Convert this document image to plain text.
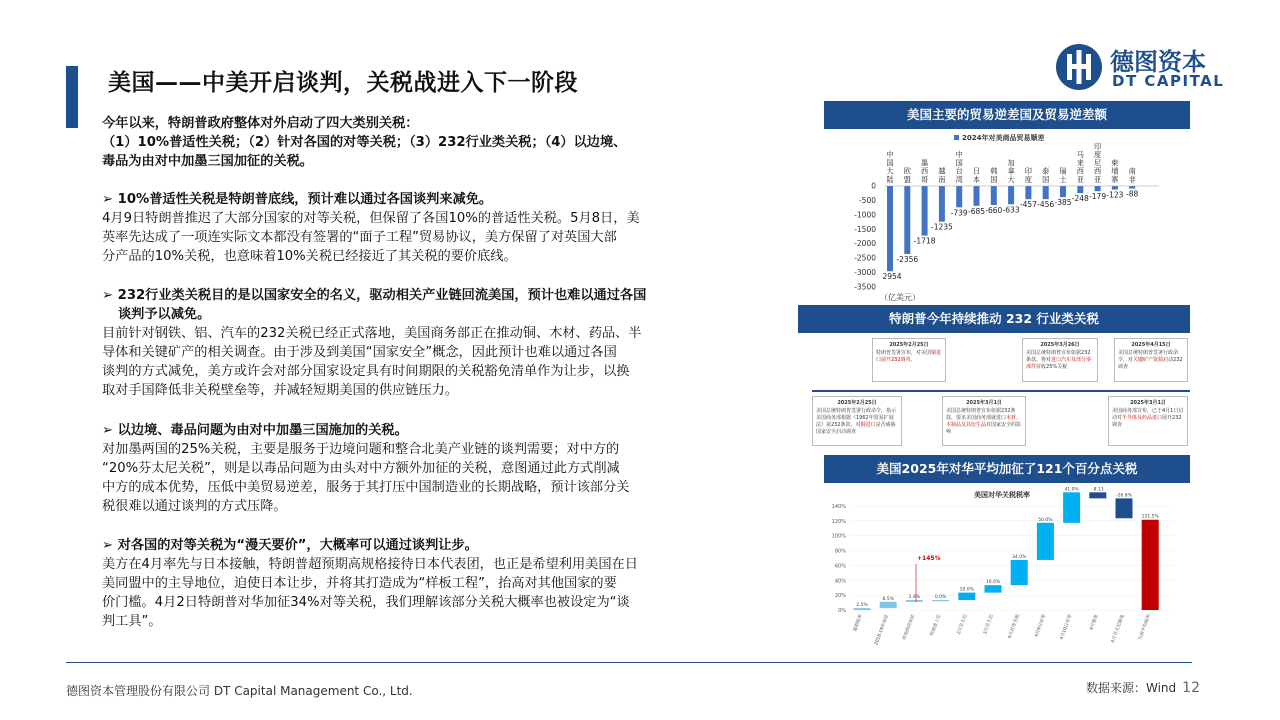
美国——中美开启谈判，关税战进入下一阶段
德图资本
DT CAPITAL

今年以来，特朗普政府整体对外启动了四大类别关税：

（1）10%普适性关税；（2）针对各国的对等关税；（3）232行业类关税；（4）以边境、

毒品为由对中加墨三国加征的关税。

➢ 10%普适性关税是特朗普底线，预计难以通过各国谈判来减免。

4月9日特朗普推迟了大部分国家的对等关税，但保留了各国10%的普适性关税。5月8日，美

英率先达成了一项连实际文本都没有签署的“面子工程”贸易协议，美方保留了对英国大部

分产品的10%关税，也意味着10%关税已经接近了其关税的要价底线。

➢ 232行业类关税目的是以国家安全的名义，驱动相关产业链回流美国，预计也难以通过各国

谈判予以减免。

目前针对钢铁、铝、汽车的232关税已经正式落地，美国商务部正在推动铜、木材、药品、半

导体和关键矿产的相关调查。由于涉及到美国“国家安全”概念，因此预计也难以通过各国

谈判的方式减免，美方或许会对部分国家设定具有时间期限的关税豁免清单作为让步，以换

取对手国降低非关税壁垒等，并减轻短期美国的供应链压力。

➢ 以边境、毒品问题为由对中加墨三国施加的关税。

对加墨两国的25%关税，主要是服务于边境问题和整合北美产业链的谈判需要；对中方的

“20%芬太尼关税”，则是以毒品问题为由头对中方额外加征的关税，意图通过此方式削减

中方的成本优势，压低中美贸易逆差，服务于其打压中国制造业的长期战略，预计该部分关

税很难以通过谈判的方式压降。

➢ 对各国的对等关税为“漫天要价”，大概率可以通过谈判让步。

美方在4月率先与日本接触，特朗普超预期高规格接待日本代表团，也正是希望利用美国在日

美同盟中的主导地位，迫使日本让步，并将其打造成为“样板工程”，抬高对其他国家的要

价门槛。4月2日特朗普对华加征34%对等关税，我们理解该部分关税大概率也被设定为“谈

判工具”。

美国主要的贸易逆差国及贸易逆差额
2024年对美商品贸易顺差
0
-500
-1000
-1500
-2000
-2500
-3000
-3500
中国大陆
欧盟
墨西哥
越南
中国台湾
日本
韩国
加拿大
印度
泰国
瑞士
马来西亚
印度尼西亚
柬埔寨
南非
2954
-2356
-1718
-1235
-739 -685 -660 -633
-457 -456 -385 -248 -179 -123 -88
（亿美元）
特朗普今年持续推动 232 行业类关税
2025年2月25日
特朗普签署宣布，对美国铜进口展开232调查。
2025年3月26日
美国总统特朗普宣布依据232条款，将对进口汽车及部分零部件征收25%关税
2025年4月15日
美国总统特朗普签署行政命令，对关键矿产资源启动232调查
2025年2月25日
美国总统特朗普签署行政命令，指示美国商务部根据《1962年贸易扩展法》第232条款，对铜进口是否威胁国家安全启动调查
2025年3月1日
美国总统特朗普宣布依据232条款，要求美国商务部就进口木材、木制品及其衍生品对国家安全的影响
2025年3月1日
美国商务部宣布，已于4月1日启动对半导体及药品进口展开232调查
美国2025年对华平均加征了121个百分点关税
美国对华关税税率
140%
120%
100%
80%
60%
40%
20%
0%
2.5%
8.5%	2.4%	0.0%
10.0%
10.0%
34.0%
50.0%
41.0%	-8.13
-26.8%
121.5%
基期税率	2018-19年加征	拜登政府加征	特朗普上任	2月芬太尼	3月芬太尼	4月对等关税	4月9日对等	4月10日对等	4月豁免	4月芬太尼豁免	当前平均税率
+145%
德图资本管理股份有限公司 DT Capital Management Co., Ltd.	数据来源：Wind 12
